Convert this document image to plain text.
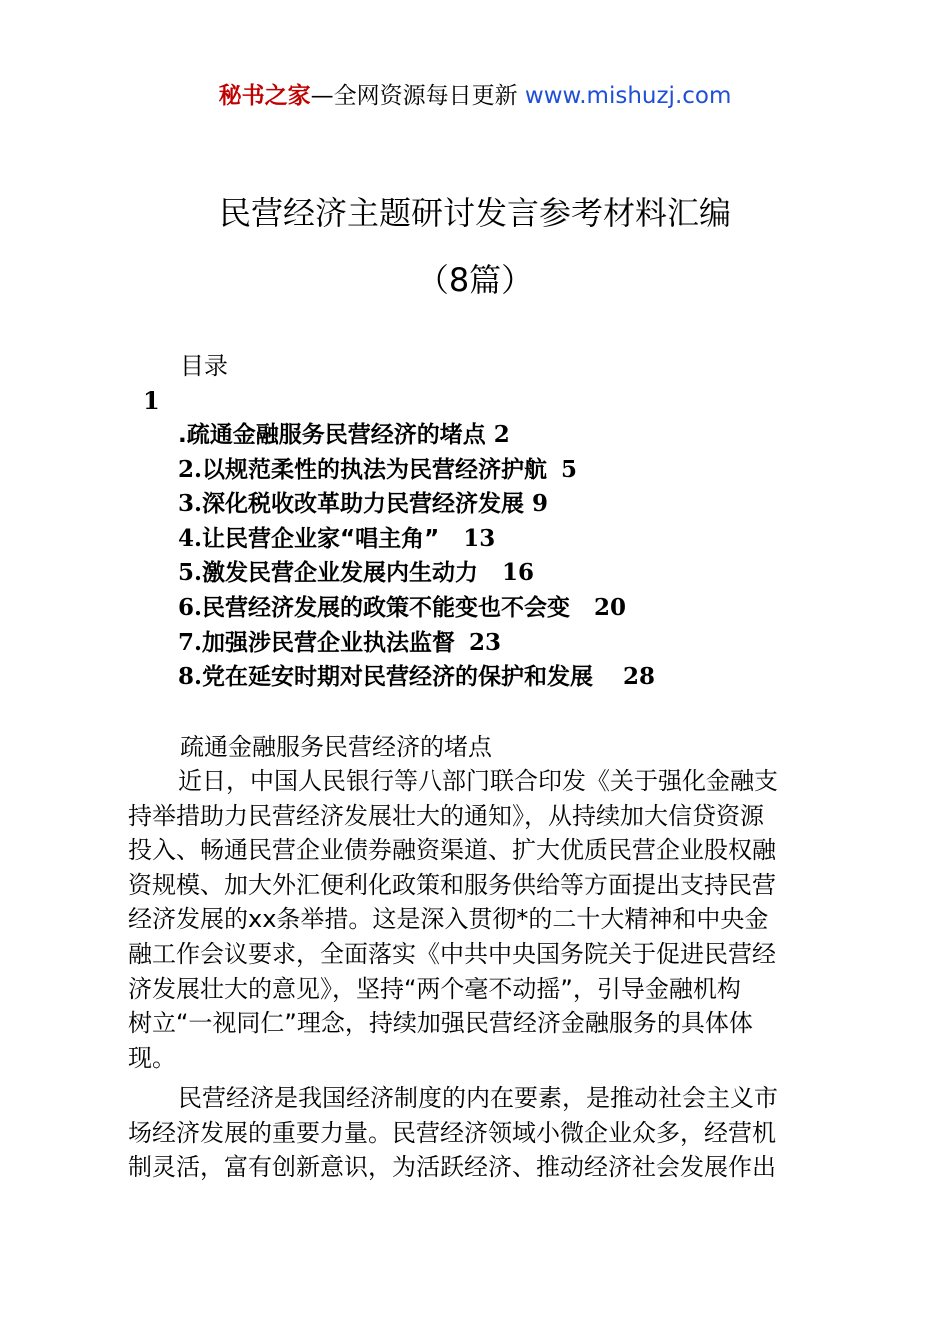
秘书之家—全网资源每日更新 www.mishuzj.com
民营经济主题研讨发言参考材料汇编
（8篇）
目录
1
.疏通金融服务民营经济的堵点 2
2.以规范柔性的执法为民营经济护航 5
3.深化税收改革助力民营经济发展 9
4.让民营企业家“唱主角” 13
5.激发民营企业发展内生动力 16
6.民营经济发展的政策不能变也不会变 20
7.加强涉民营企业执法监督 23
8.党在延安时期对民营经济的保护和发展 28
疏通金融服务民营经济的堵点
近日，中国人民银行等八部门联合印发《关于强化金融支
持举措助力民营经济发展壮大的通知》，从持续加大信贷资源
投入、畅通民营企业债券融资渠道、扩大优质民营企业股权融
资规模、加大外汇便利化政策和服务供给等方面提出支持民营
经济发展的xx条举措。这是深入贯彻*的二十大精神和中央金
融工作会议要求，全面落实《中共中央国务院关于促进民营经
济发展壮大的意见》，坚持“两个毫不动摇”，引导金融机构
树立“一视同仁”理念，持续加强民营经济金融服务的具体体
现。
民营经济是我国经济制度的内在要素，是推动社会主义市
场经济发展的重要力量。民营经济领域小微企业众多，经营机
制灵活，富有创新意识，为活跃经济、推动经济社会发展作出
